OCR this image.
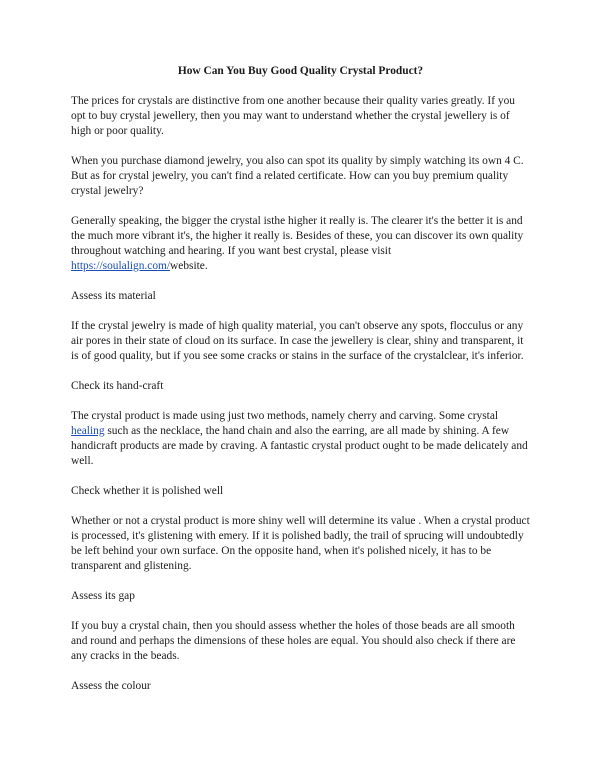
How Can You Buy Good Quality Crystal Product?

The prices for crystals are distinctive from one another because their quality varies greatly. If you opt to buy crystal jewellery, then you may want to understand whether the crystal jewellery is of high or poor quality.

When you purchase diamond jewelry, you also can spot its quality by simply watching its own 4 C. But as for crystal jewelry, you can't find a related certificate. How can you buy premium quality crystal jewelry?

Generally speaking, the bigger the crystal isthe higher it really is. The clearer it's the better it is and the much more vibrant it's, the higher it really is. Besides of these, you can discover its own quality throughout watching and hearing. If you want best crystal, please visit https://soulalign.com/website.

Assess its material

If the crystal jewelry is made of high quality material, you can't observe any spots, flocculus or any air pores in their state of cloud on its surface. In case the jewellery is clear, shiny and transparent, it is of good quality, but if you see some cracks or stains in the surface of the crystalclear, it's inferior.

Check its hand-craft

The crystal product is made using just two methods, namely cherry and carving. Some crystal healing such as the necklace, the hand chain and also the earring, are all made by shining. A few handicraft products are made by craving. A fantastic crystal product ought to be made delicately and well.

Check whether it is polished well

Whether or not a crystal product is more shiny well will determine its value . When a crystal product is processed, it's glistening with emery. If it is polished badly, the trail of sprucing will undoubtedly be left behind your own surface. On the opposite hand, when it's polished nicely, it has to be transparent and glistening.

Assess its gap

If you buy a crystal chain, then you should assess whether the holes of those beads are all smooth and round and perhaps the dimensions of these holes are equal. You should also check if there are any cracks in the beads.

Assess the colour
